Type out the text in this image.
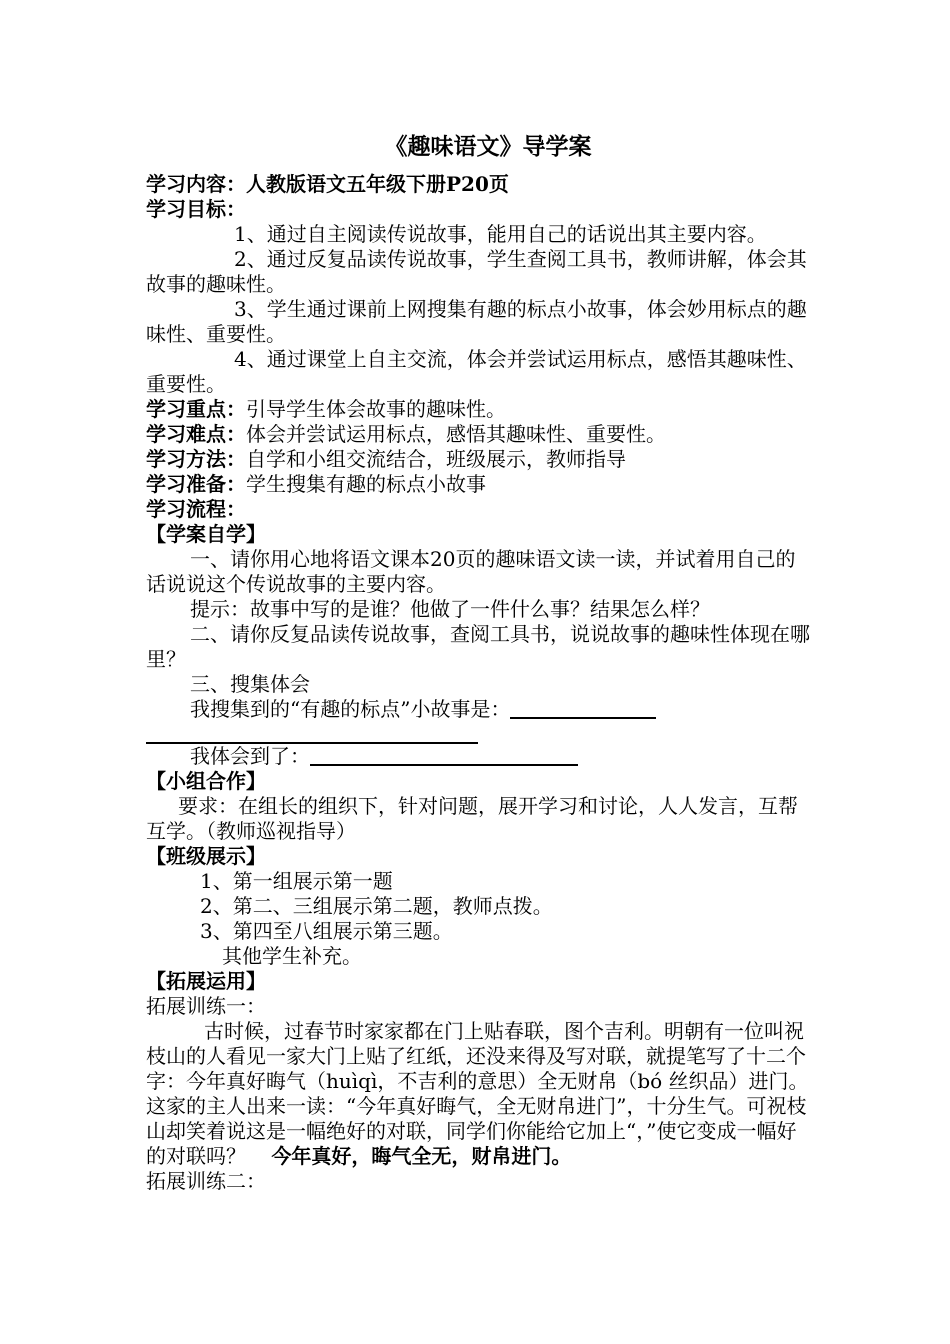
《趣味语文》导学案

学习内容：人教版语文五年级下册P20页

学习目标：

1、通过自主阅读传说故事，能用自己的话说出其主要内容。

2、通过反复品读传说故事，学生查阅工具书，教师讲解，体会其故事的趣味性。

3、学生通过课前上网搜集有趣的标点小故事，体会妙用标点的趣味性、重要性。

4、通过课堂上自主交流，体会并尝试运用标点，感悟其趣味性、重要性。

学习重点：引导学生体会故事的趣味性。

学习难点：体会并尝试运用标点，感悟其趣味性、重要性。

学习方法：自学和小组交流结合，班级展示，教师指导

学习准备：学生搜集有趣的标点小故事

学习流程：

【学案自学】

一、请你用心地将语文课本20页的趣味语文读一读，并试着用自己的话说说这个传说故事的主要内容。

提示：故事中写的是谁？他做了一件什么事？结果怎么样？

二、请你反复品读传说故事，查阅工具书，说说故事的趣味性体现在哪里？

三、搜集体会

我搜集到的“有趣的标点”小故事是：

我体会到了：

【小组合作】

要求：在组长的组织下，针对问题，展开学习和讨论，人人发言，互帮互学。（教师巡视指导）

【班级展示】

1、第一组展示第一题

2、第二、三组展示第二题，教师点拨。

3、第四至八组展示第三题。

其他学生补充。

【拓展运用】

拓展训练一：

古时候，过春节时家家都在门上贴春联，图个吉利。明朝有一位叫祝枝山的人看见一家大门上贴了红纸，还没来得及写对联，就提笔写了十二个字：今年真好晦气（huìqì，不吉利的意思）全无财帛（bó 丝织品）进门。这家的主人出来一读：“今年真好晦气，全无财帛进门”，十分生气。可祝枝山却笑着说这是一幅绝好的对联，同学们你能给它加上“，”使它变成一幅好的对联吗？ 今年真好，晦气全无，财帛进门。

拓展训练二：
